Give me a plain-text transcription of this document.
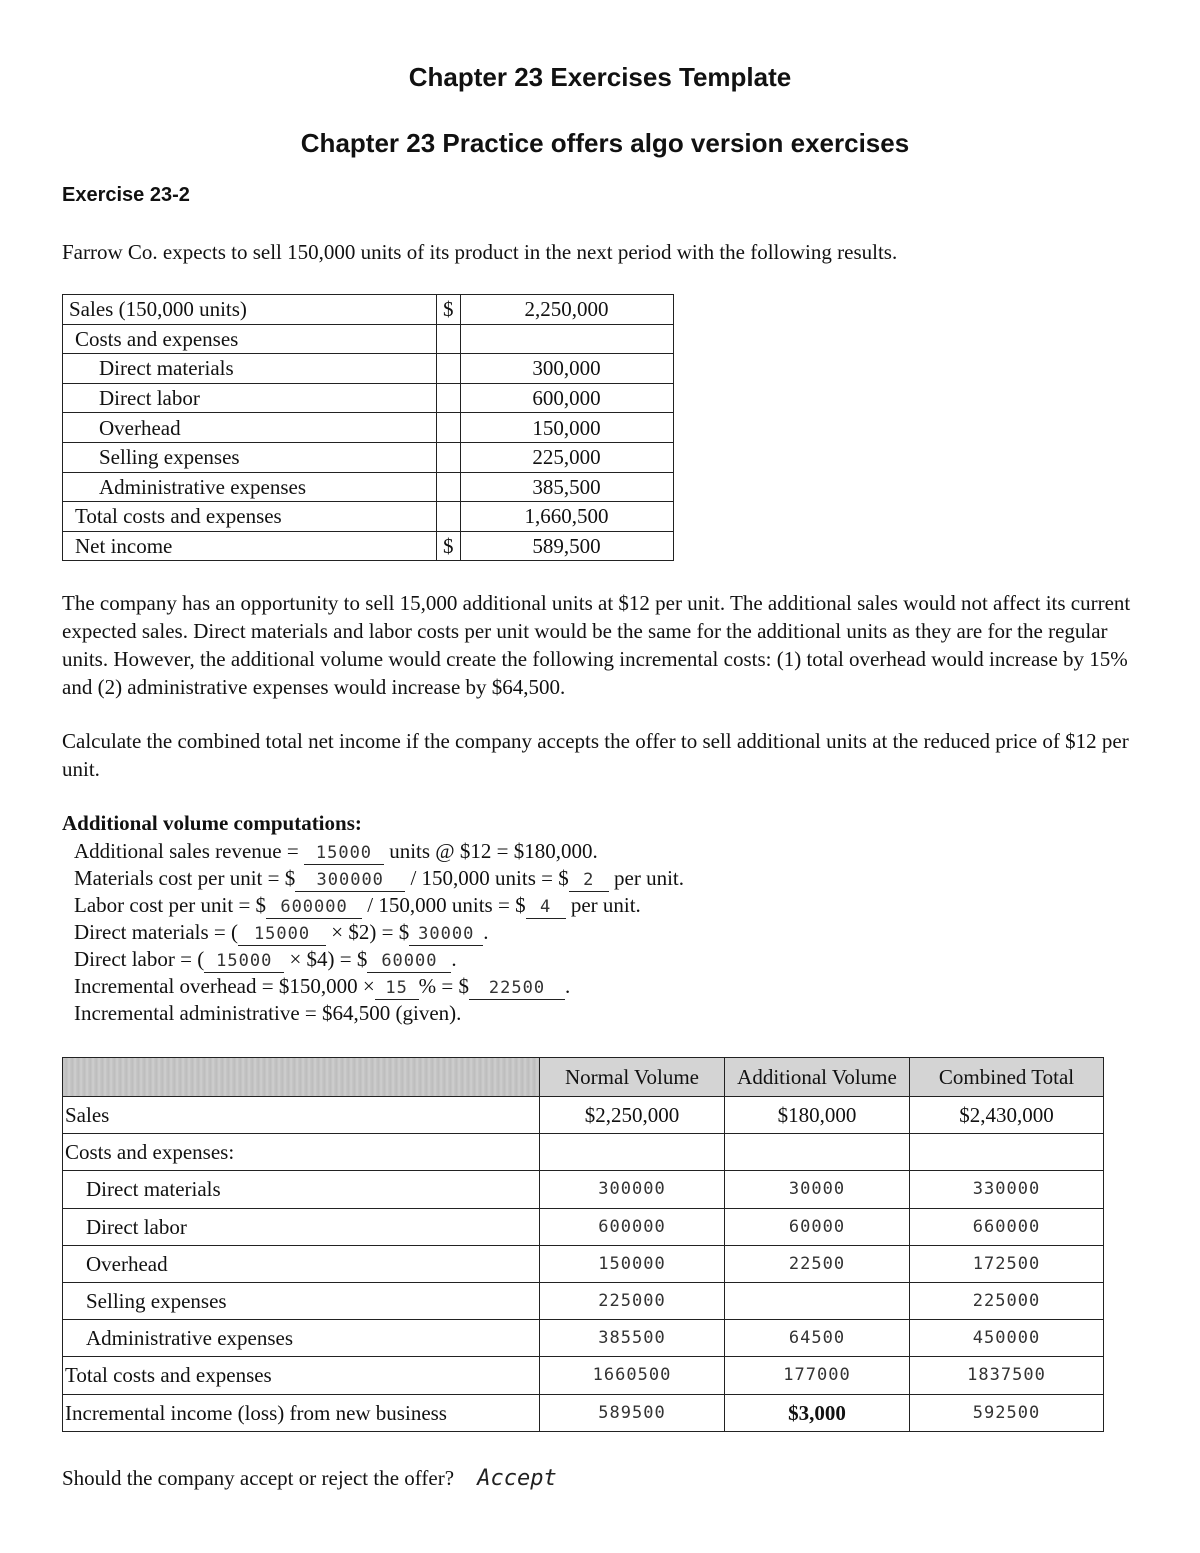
Chapter 23 Exercises Template
Chapter 23 Practice offers algo version exercises
Exercise 23-2
Farrow Co. expects to sell 150,000 units of its product in the next period with the following results.
Sales (150,000 units)	$	2,250,000
Costs and expenses		
Direct materials		300,000
Direct labor		600,000
Overhead		150,000
Selling expenses		225,000
Administrative expenses		385,500
Total costs and expenses		1,660,500
Net income	$	589,500
The company has an opportunity to sell 15,000 additional units at $12 per unit. The additional sales would not affect its current expected sales. Direct materials and labor costs per unit would be the same for the additional units as they are for the regular units. However, the additional volume would create the following incremental costs: (1) total overhead would increase by 15% and (2) administrative expenses would increase by $64,500.
Calculate the combined total net income if the company accepts the offer to sell additional units at the reduced price of $12 per unit.
Additional volume computations:
Additional sales revenue = 15000 units @ $12 = $180,000.
Materials cost per unit = $ 300000 / 150,000 units = $ 2 per unit.
Labor cost per unit = $ 600000 / 150,000 units = $ 4 per unit.
Direct materials = ( 15000 × $2) = $ 30000 .
Direct labor = ( 15000 × $4) = $ 60000 .
Incremental overhead = $150,000 × 15 % = $ 22500 .
Incremental administrative = $64,500 (given).
	Normal Volume	Additional Volume	Combined Total
Sales	$2,250,000	$180,000	$2,430,000
Costs and expenses:			
Direct materials	300000	30000	330000
Direct labor	600000	60000	660000
Overhead	150000	22500	172500
Selling expenses	225000		225000
Administrative expenses	385500	64500	450000
Total costs and expenses	1660500	177000	1837500
Incremental income (loss) from new business	589500	$3,000	592500
Should the company accept or reject the offer? Accept
